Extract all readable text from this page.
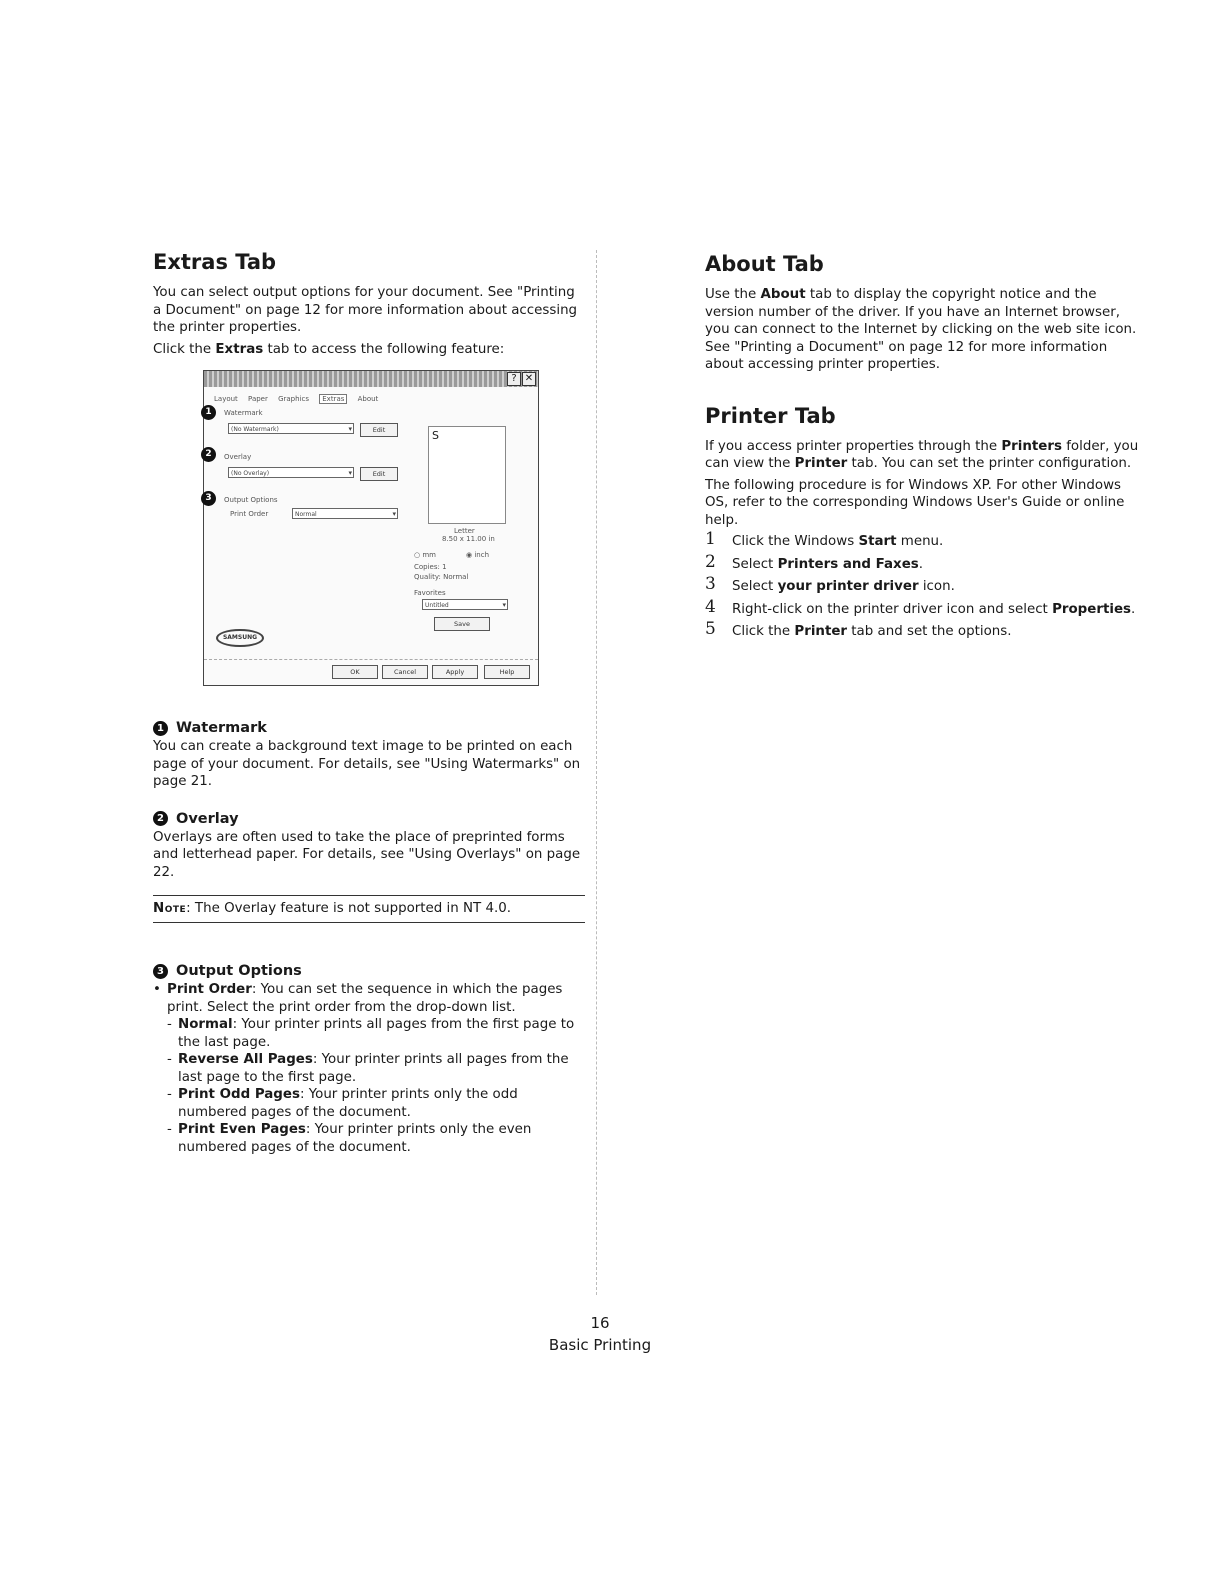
Extras Tab

You can select output options for your document. See "Printing a Document" on page 12 for more information about accessing the printer properties.

Click the Extras tab to access the following feature:

? ✕
Layout Paper Graphics Extras About
1	Watermark
(No Watermark) ▾	Edit
2	Overlay
(No Overlay) ▾	Edit
3	Output Options
Print Order	Normal ▾
S
Letter
8.50 x 11.00 in
○ mm	◉ inch
Copies: 1
Quality: Normal
Favorites
Untitled ▾
Save
SAMSUNG
OK	Cancel	Apply	Help
1 Watermark

You can create a background text image to be printed on each page of your document. For details, see "Using Watermarks" on page 21.

2 Overlay

Overlays are often used to take the place of preprinted forms and letterhead paper. For details, see "Using Overlays" on page 22.

Note: The Overlay feature is not supported in NT 4.0.
3 Output Options
• Print Order: You can set the sequence in which the pages print. Select the print order from the drop-down list.
- Normal: Your printer prints all pages from the first page to the last page.
- Reverse All Pages: Your printer prints all pages from the last page to the first page.
- Print Odd Pages: Your printer prints only the odd numbered pages of the document.
- Print Even Pages: Your printer prints only the even numbered pages of the document.
About Tab

Use the About tab to display the copyright notice and the version number of the driver. If you have an Internet browser, you can connect to the Internet by clicking on the web site icon. See "Printing a Document" on page 12 for more information about accessing printer properties.

Printer Tab

If you access printer properties through the Printers folder, you can view the Printer tab. You can set the printer configuration.

The following procedure is for Windows XP. For other Windows OS, refer to the corresponding Windows User's Guide or online help.

1 Click the Windows Start menu.
2 Select Printers and Faxes.
3 Select your printer driver icon.
4 Right-click on the printer driver icon and select Properties.
5 Click the Printer tab and set the options.
16
Basic Printing
